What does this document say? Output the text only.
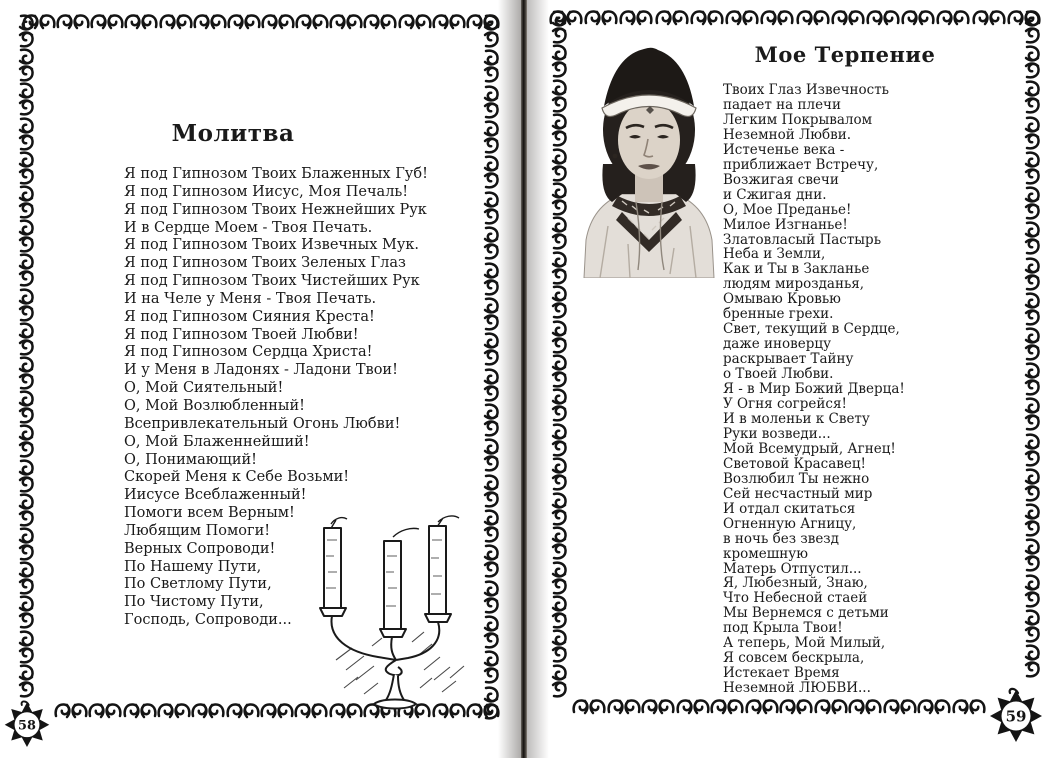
Молитва
Я под Гипнозом Твоих Блаженных Губ!
Я под Гипнозом Иисус, Моя Печаль!
Я под Гипнозом Твоих Нежнейших Рук
И в Сердце Моем - Твоя Печать.
Я под Гипнозом Твоих Извечных Мук.
Я под Гипнозом Твоих Зеленых Глаз
Я под Гипнозом Твоих Чистейших Рук
И на Челе у Меня - Твоя Печать.
Я под Гипнозом Сияния Креста!
Я под Гипнозом Твоей Любви!
Я под Гипнозом Сердца Христа!
И у Меня в Ладонях - Ладони Твои!
О, Мой Сиятельный!
О, Мой Возлюбленный!
Всепривлекательный Огонь Любви!
О, Мой Блаженнейший!
О, Понимающий!
Скорей Меня к Себе Возьми!
Иисусе Всеблаженный!
Помоги всем Верным!
Любящим Помоги!
Верных Сопроводи!
По Нашему Пути,
По Светлому Пути,
По Чистому Пути,
Господь, Сопроводи...
58
Мое Терпение
Твоих Глаз Извечность
падает на плечи
Легким Покрывалом
Неземной Любви.
Истеченье века -
приближает Встречу,
Возжигая свечи
и Сжигая дни.
О, Мое Преданье!
Милое Изгнанье!
Златовласый Пастырь
Неба и Земли,
Как и Ты в Закланье
людям мирозданья,
Омываю Кровью
бренные грехи.
Свет, текущий в Сердце,
даже иноверцу
раскрывает Тайну
о Твоей Любви.
Я - в Мир Божий Дверца!
У Огня согрейся!
И в моленьи к Свету
Руки возведи...
Мой Всемудрый, Агнец!
Световой Красавец!
Возлюбил Ты нежно
Сей несчастный мир
И отдал скитаться
Огненную Агницу,
в ночь без звезд
кромешную
Матерь Отпустил...
Я, Любезный, Знаю,
Что Небесной стаей
Мы Вернемся с детьми
под Крыла Твои!
А теперь, Мой Милый,
Я совсем бескрыла,
Истекает Время
Неземной ЛЮБВИ...
59
